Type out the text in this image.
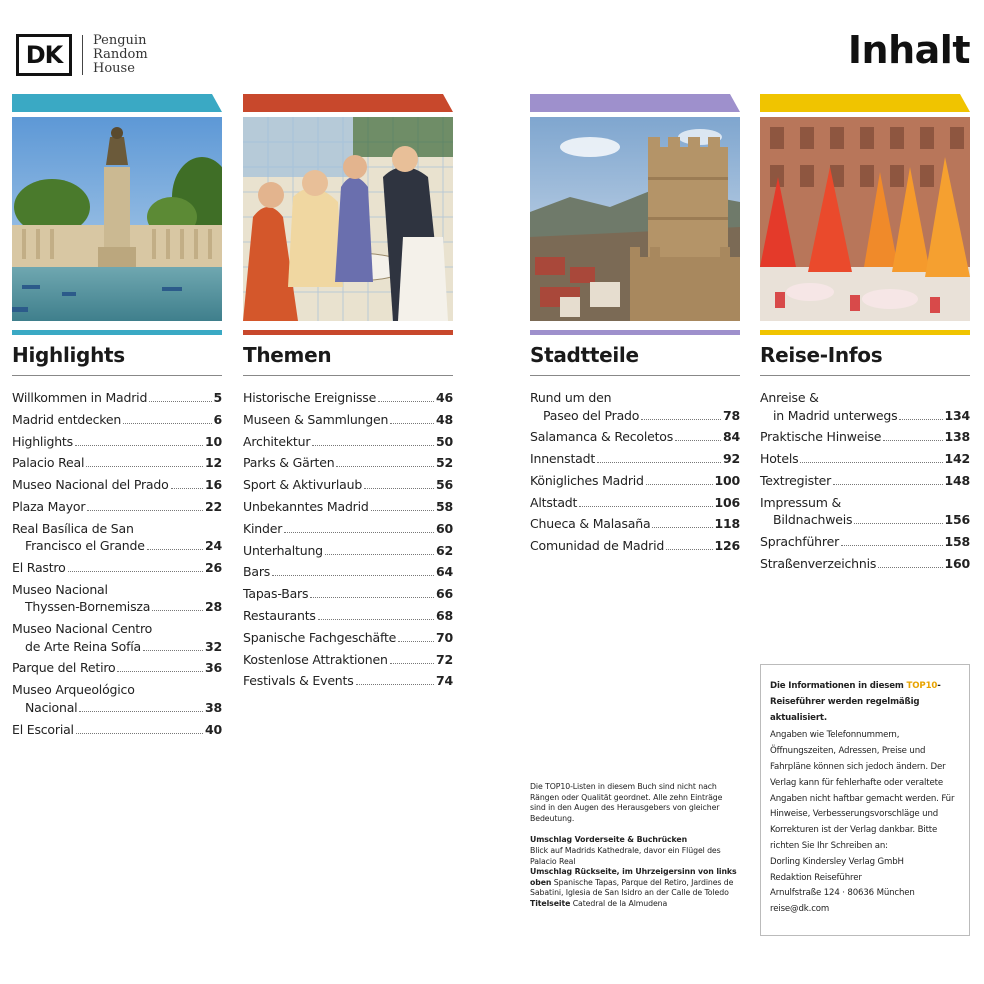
DK
Penguin
Random
House	Inhalt
Highlights
Willkommen in Madrid	5
Madrid entdecken	6
Highlights	10
Palacio Real	12
Museo Nacional del Prado	16
Plaza Mayor	22
Real Basílica de San
Francisco el Grande	24
El Rastro	26
Museo Nacional
Thyssen-Bornemisza	28
Museo Nacional Centro
de Arte Reina Sofía	32
Parque del Retiro	36
Museo Arqueológico
Nacional	38
El Escorial	40
Themen
Historische Ereignisse	46
Museen & Sammlungen	48
Architektur	50
Parks & Gärten	52
Sport & Aktivurlaub	56
Unbekanntes Madrid	58
Kinder	60
Unterhaltung	62
Bars	64
Tapas-Bars	66
Restaurants	68
Spanische Fachgeschäfte	70
Kostenlose Attraktionen	72
Festivals & Events	74
Stadtteile
Rund um den
Paseo del Prado	78
Salamanca & Recoletos	84
Innenstadt	92
Königliches Madrid	100
Altstadt	106
Chueca & Malasaña	118
Comunidad de Madrid	126
Reise-Infos
Anreise &
in Madrid unterwegs	134
Praktische Hinweise	138
Hotels	142
Textregister	148
Impressum &
Bildnachweis	156
Sprachführer	158
Straßenverzeichnis	160

Die TOP10-Listen in diesem Buch sind nicht nach Rängen oder Qualität geordnet. Alle zehn Einträge sind in den Augen des Herausgebers von gleicher Bedeutung.

Umschlag Vorderseite & Buchrücken
Blick auf Madrids Kathedrale, davor ein Flügel des Palacio Real
Umschlag Rückseite, im Uhrzeigersinn von links oben Spanische Tapas, Parque del Retiro, Jardines de Sabatini, Iglesia de San Isidro an der Calle de Toledo
Titelseite Catedral de la Almudena
Die Informationen in diesem TOP10-Reiseführer werden regelmäßig aktualisiert.
Angaben wie Telefonnummern, Öffnungszeiten, Adressen, Preise und Fahrpläne können sich jedoch ändern. Der Verlag kann für fehlerhafte oder veraltete Angaben nicht haftbar gemacht werden. Für Hinweise, Verbesserungsvorschläge und Korrekturen ist der Verlag dankbar. Bitte richten Sie Ihr Schreiben an:
Dorling Kindersley Verlag GmbH
Redaktion Reiseführer
Arnulfstraße 124 · 80636 München
reise@dk.com
